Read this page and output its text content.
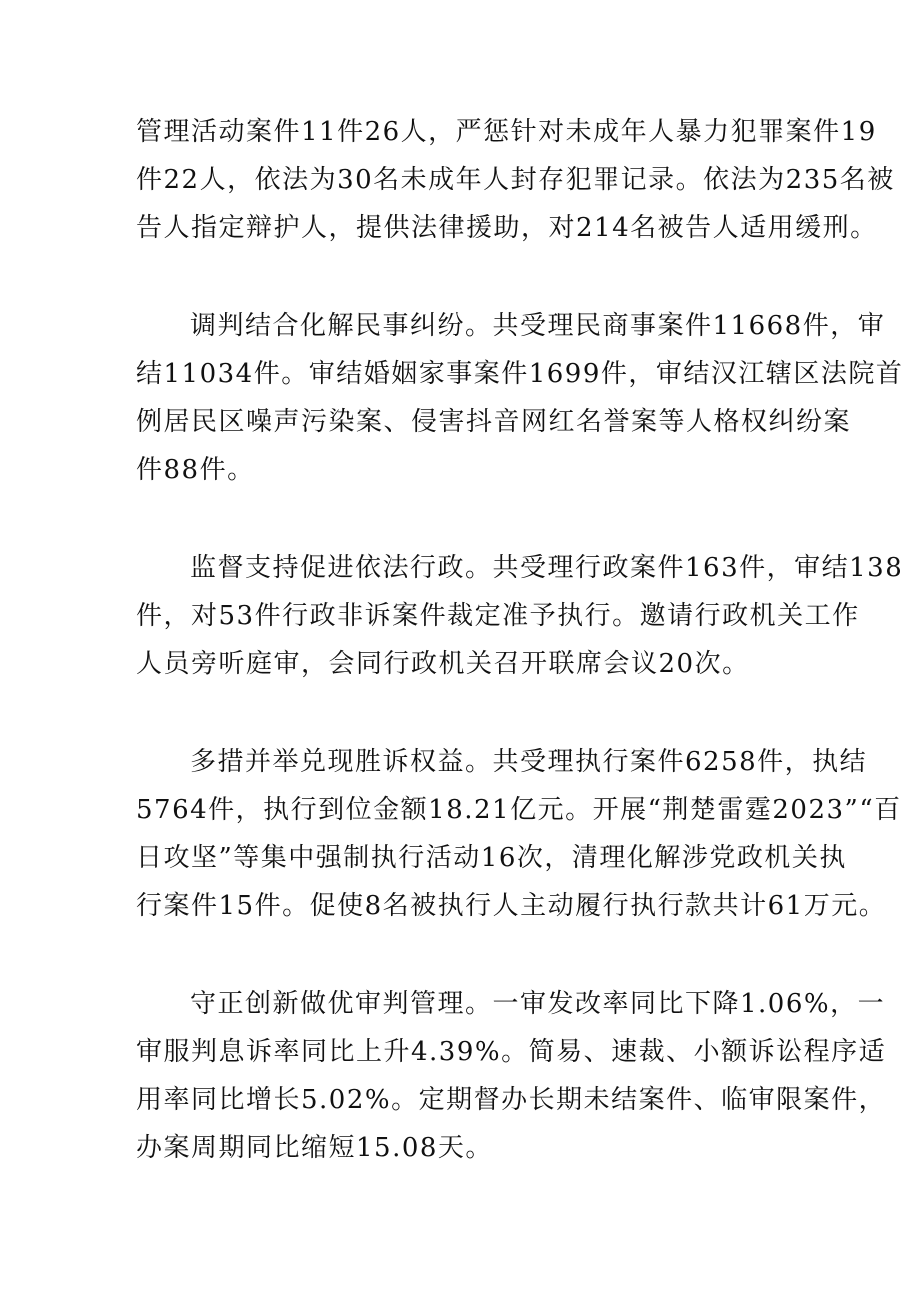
管理活动案件11件26人，严惩针对未成年人暴力犯罪案件19
件22人，依法为30名未成年人封存犯罪记录。依法为235名被
告人指定辩护人，提供法律援助，对214名被告人适用缓刑。
调判结合化解民事纠纷。共受理民商事案件11668件，审
结11034件。审结婚姻家事案件1699件，审结汉江辖区法院首
例居民区噪声污染案、侵害抖音网红名誉案等人格权纠纷案
件88件。
监督支持促进依法行政。共受理行政案件163件，审结138
件，对53件行政非诉案件裁定准予执行。邀请行政机关工作
人员旁听庭审，会同行政机关召开联席会议20次。
多措并举兑现胜诉权益。共受理执行案件6258件，执结
5764件，执行到位金额18.21亿元。开展“荆楚雷霆2023”“百
日攻坚”等集中强制执行活动16次，清理化解涉党政机关执
行案件15件。促使8名被执行人主动履行执行款共计61万元。
守正创新做优审判管理。一审发改率同比下降1.06%，一
审服判息诉率同比上升4.39%。简易、速裁、小额诉讼程序适
用率同比增长5.02%。定期督办长期未结案件、临审限案件，
办案周期同比缩短15.08天。
